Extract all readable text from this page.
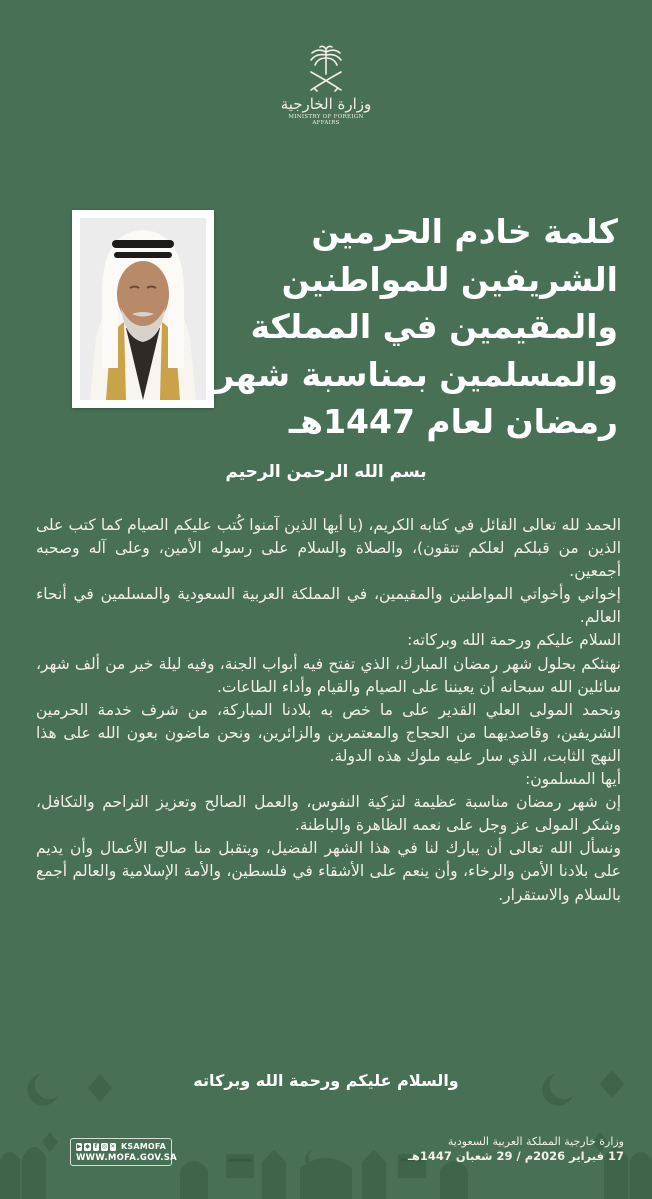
وزارة الخارجية
MINISTRY OF FOREIGN AFFAIRS
كلمة خادم الحرمين
الشريفين للمواطنين
والمقيمين في المملكة
والمسلمين بمناسبة شهر
رمضان لعام 1447هـ
بسم الله الرحمن الرحيم

الحمد لله تعالى القائل في كتابه الكريم، (يا أيها الذين آمنوا كُتب عليكم الصيام كما كتب على الذين من قبلكم لعلكم تتقون)، والصلاة والسلام على رسوله الأمين، وعلى آله وصحبه أجمعين.

إخواني وأخواتي المواطنين والمقيمين، في المملكة العربية السعودية والمسلمين في أنحاء العالم.

السلام عليكم ورحمة الله وبركاته:

نهنئكم بحلول شهر رمضان المبارك، الذي تفتح فيه أبواب الجنة، وفيه ليلة خير من ألف شهر، سائلين الله سبحانه أن يعيننا على الصيام والقيام وأداء الطاعات.

ونحمد المولى العلي القدير على ما خص به بلادنا المباركة، من شرف خدمة الحرمين الشريفين، وقاصديهما من الحجاج والمعتمرين والزائرين، ونحن ماضون بعون الله على هذا النهج الثابت، الذي سار عليه ملوك هذه الدولة.

أيها المسلمون:

إن شهر رمضان مناسبة عظيمة لتزكية النفوس، والعمل الصالح وتعزيز التراحم والتكافل، وشكر المولى عز وجل على نعمه الظاهرة والباطنة.

ونسأل الله تعالى أن يبارك لنا في هذا الشهر الفضيل، ويتقبل منا صالح الأعمال وأن يديم على بلادنا الأمن والرخاء، وأن ينعم على الأشقاء في فلسطين، والأمة الإسلامية والعالم أجمع بالسلام والاستقرار.

والسلام عليكم ورحمة الله وبركاته
وزارة خارجية المملكة العربية السعودية
17 فبراير 2026م / 29 شعبان 1447هـ
▶ ◆ f ◎ ✕ KSAMOFA
WWW.MOFA.GOV.SA
